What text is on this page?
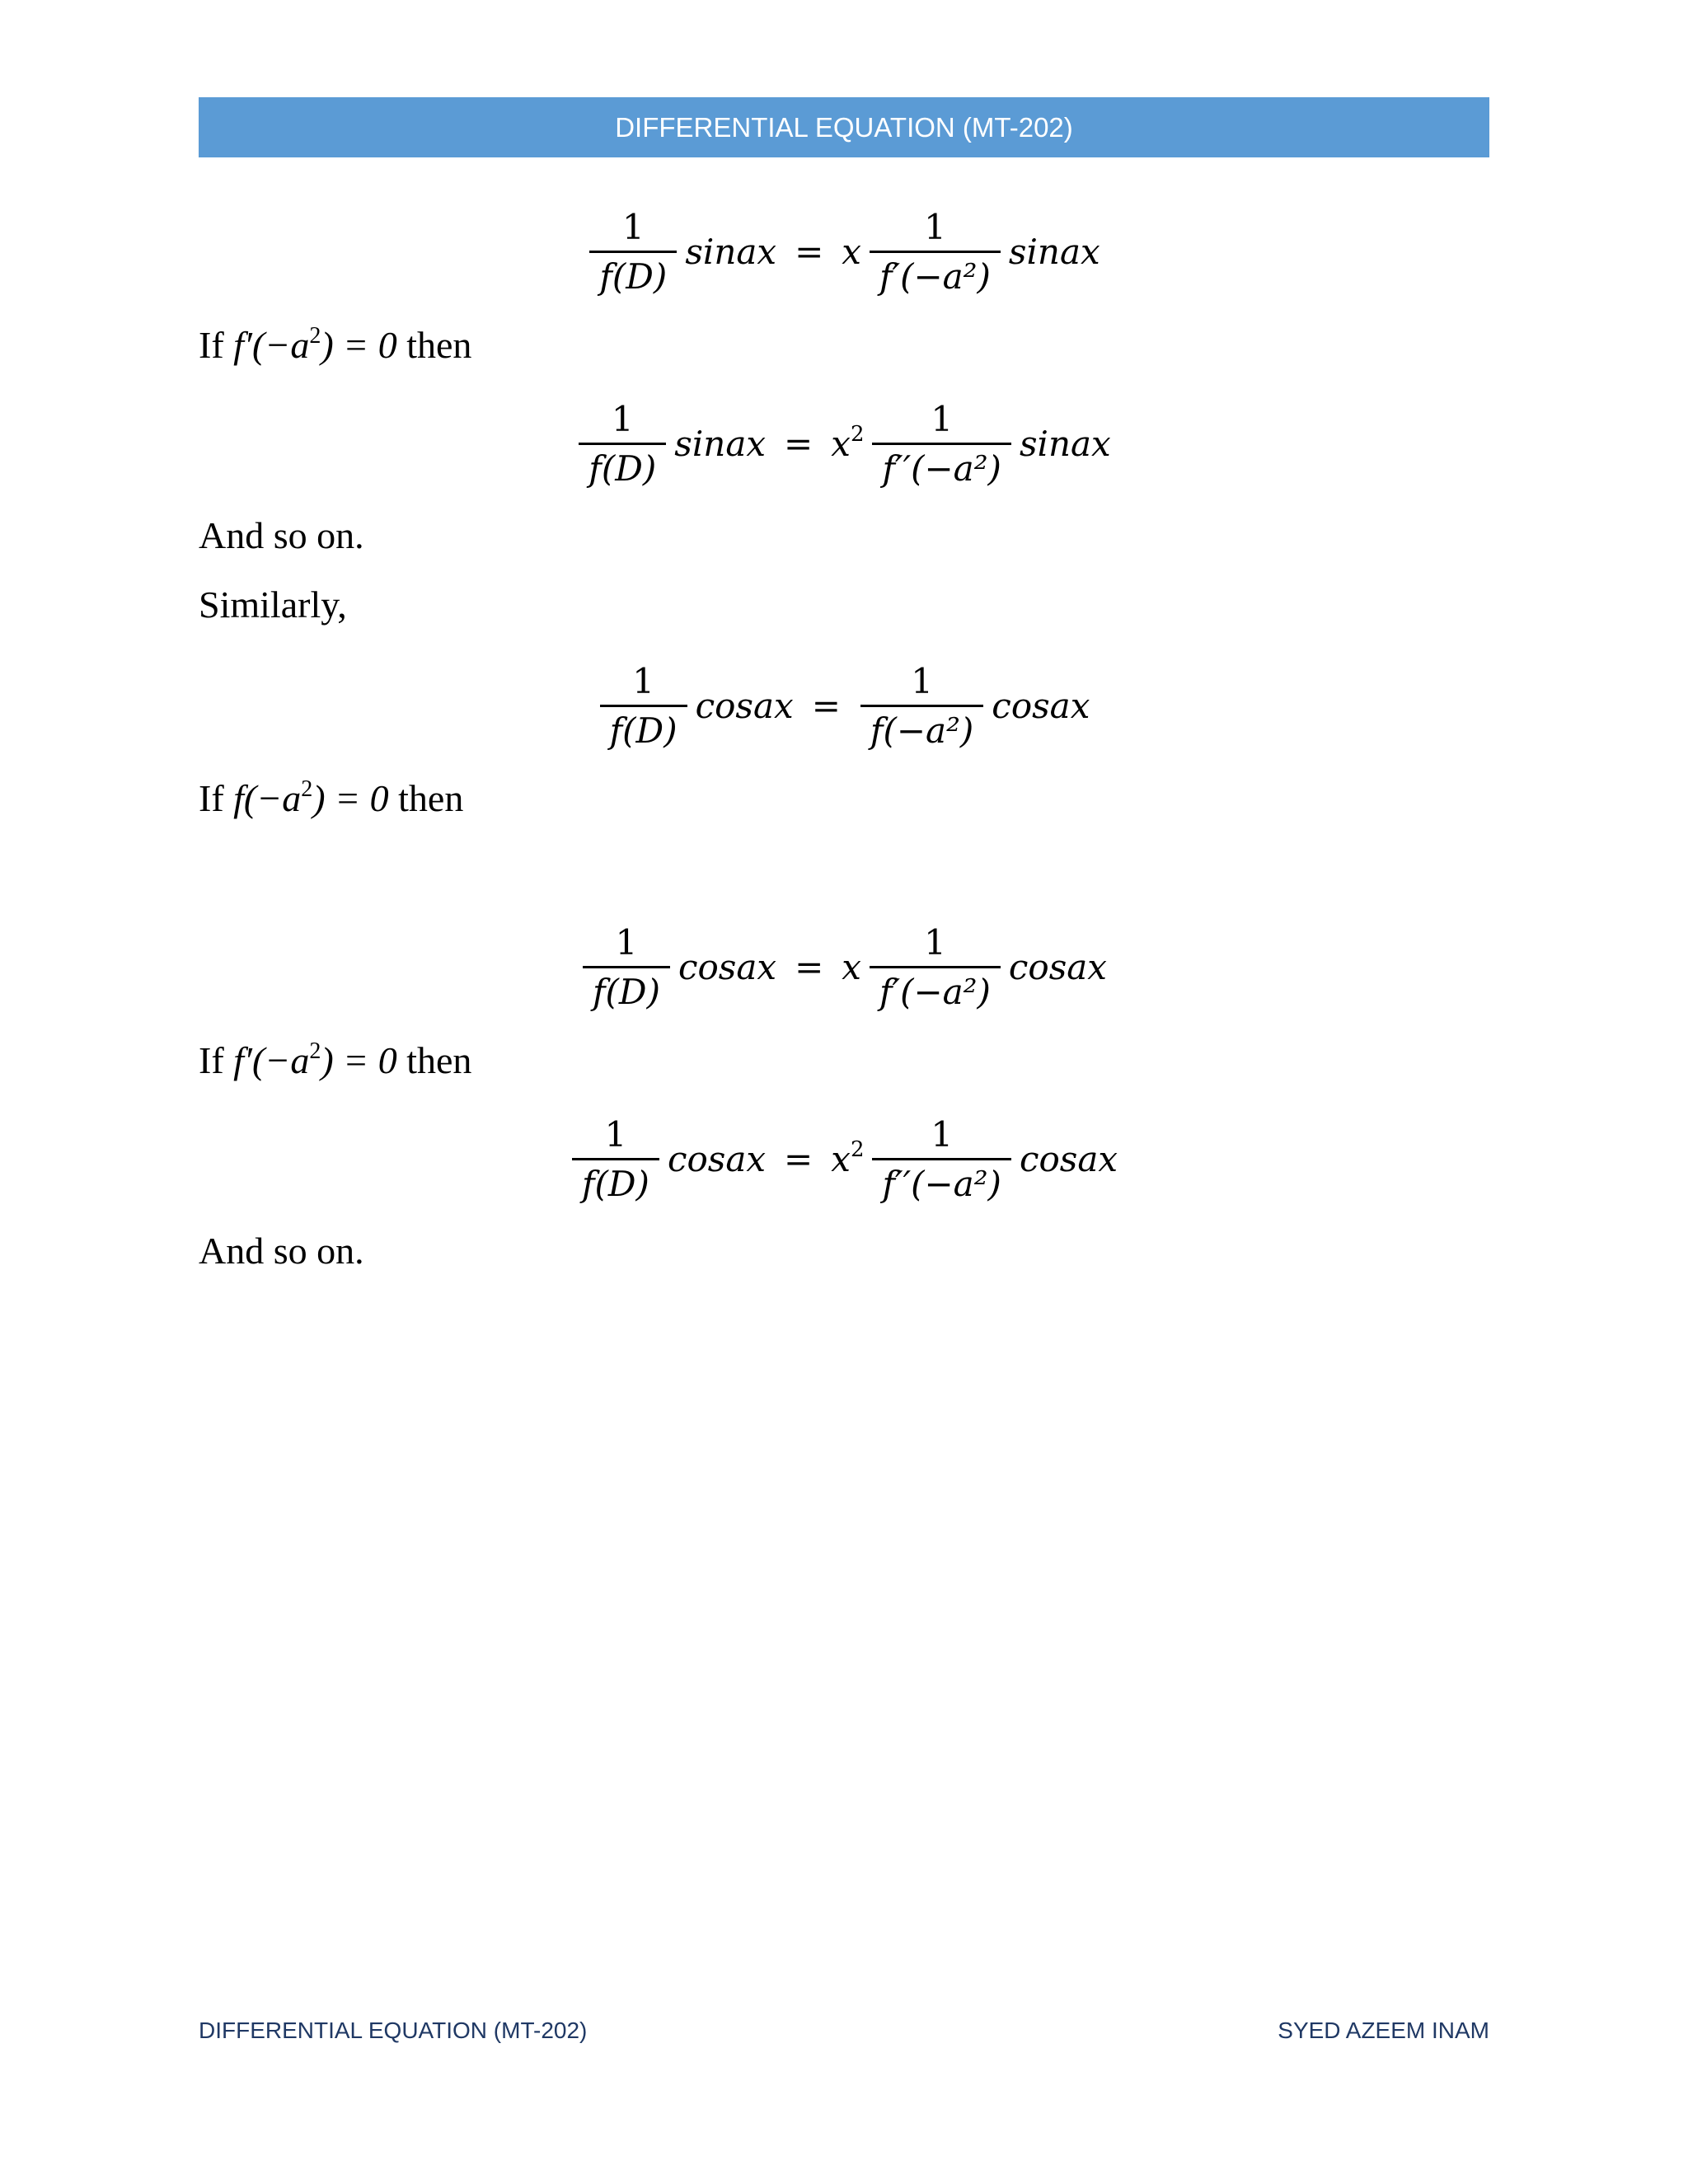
DIFFERENTIAL EQUATION (MT-202)
$\frac{1}{f(D)}$ sinax = x $\frac{1}{\text{f′(−a²)}}$ sinax
If $f'(-a^2) = 0$ then
$\frac{1}{f(D)}$ sinax = $x^2 \frac{1}{\text{f′′(−a²)}}$ sinax
And so on.
Similarly,
$\frac{1}{f(D)}$ cosax = $\frac{1}{\text{f(−a²)}}$ cosax
If $f(-a^2) = 0$ then
$\frac{1}{f(D)}$ cosax = x $\frac{1}{\text{f′(−a²)}}$ cosax
If $f'(-a^2) = 0$ then
$\frac{1}{f(D)}$ cosax = $x^2 \frac{1}{\text{f′′(−a²)}}$ cosax
And so on.
DIFFERENTIAL EQUATION (MT-202)	SYED AZEEM INAM
